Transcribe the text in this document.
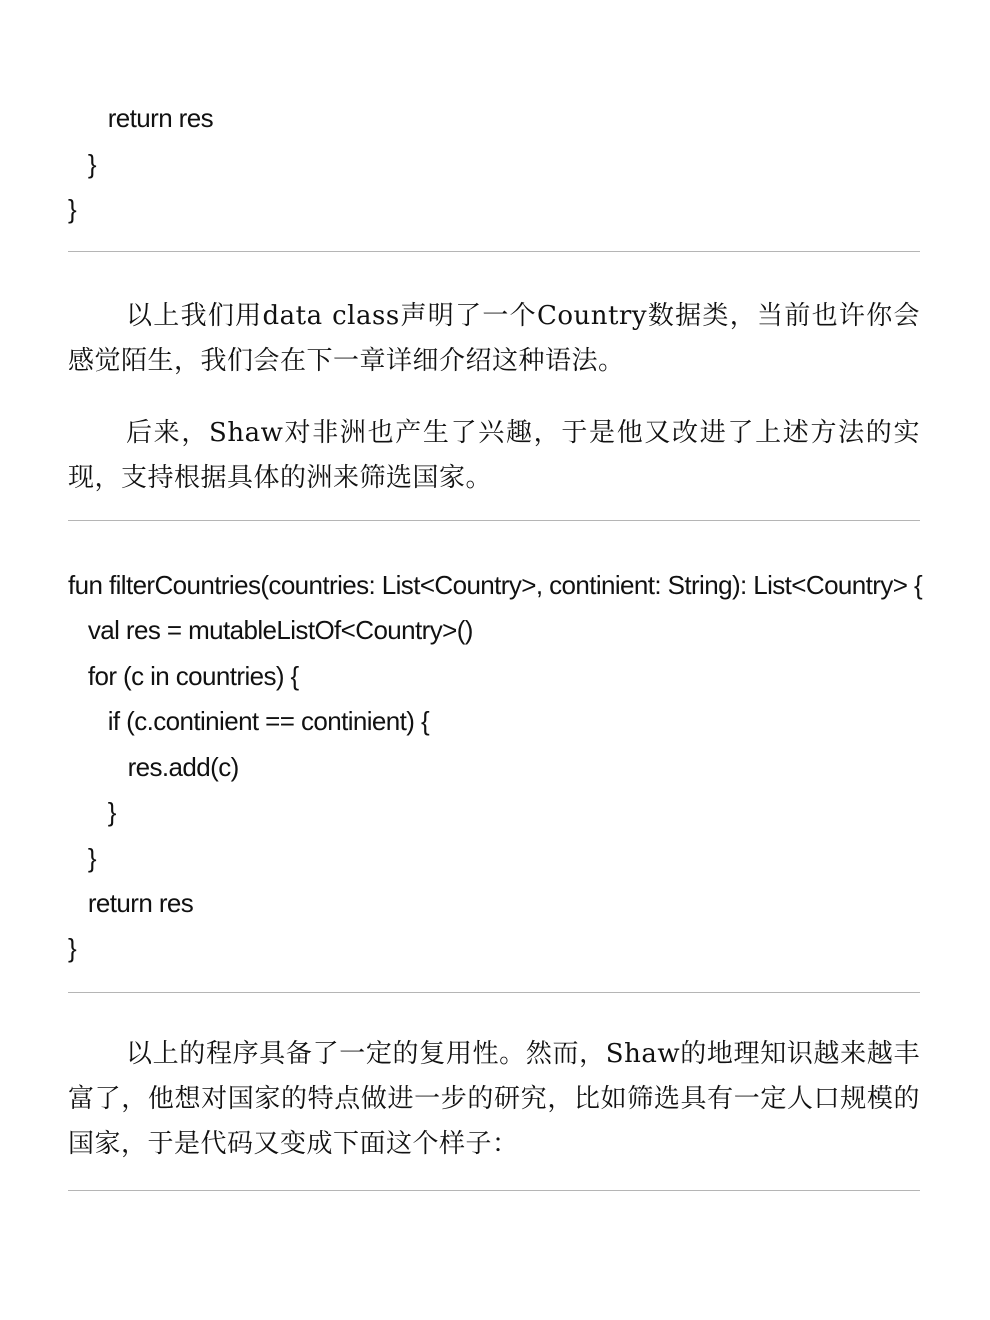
return res
}
}

以上我们用data class声明了一个Country数据类，当前也许你会感觉陌生，我们会在下一章详细介绍这种语法。

后来，Shaw对非洲也产生了兴趣，于是他又改进了上述方法的实现，支持根据具体的洲来筛选国家。

fun filterCountries(countries: List<Country>, continient: String): List<Country> {
val res = mutableListOf<Country>()
for (c in countries) {
if (c.continient == continient) {
res.add(c)
}
}
return res
}

以上的程序具备了一定的复用性。然而，Shaw的地理知识越来越丰富了，他想对国家的特点做进一步的研究，比如筛选具有一定人口规模的国家，于是代码又变成下面这个样子：
